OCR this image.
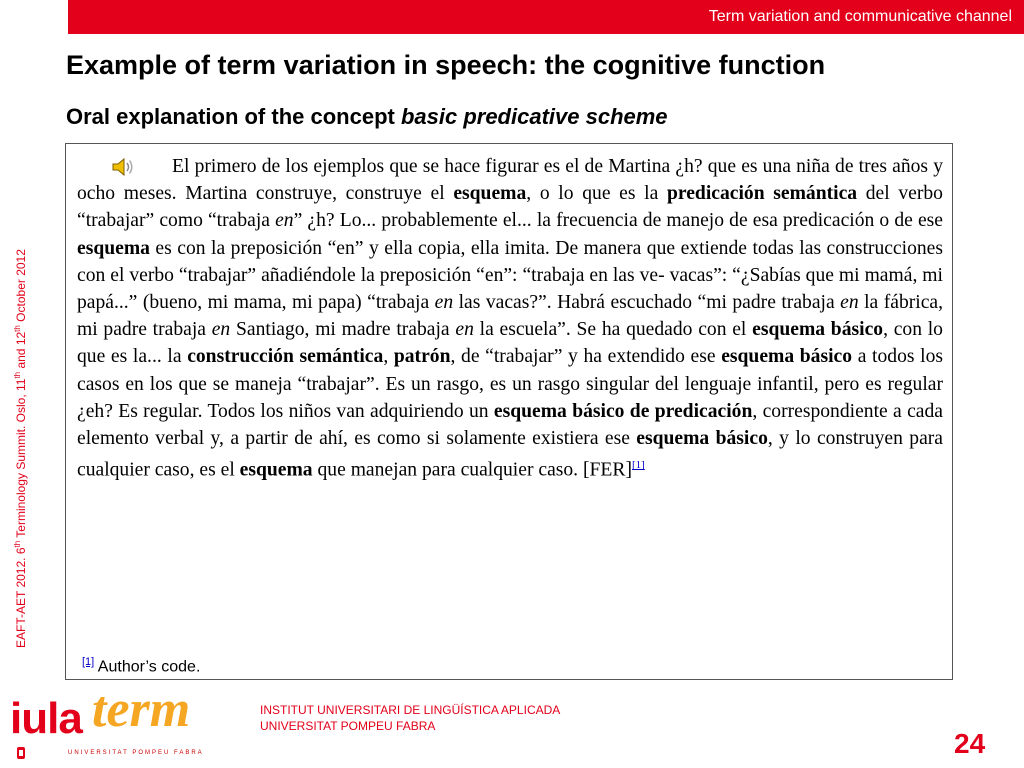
Term variation and communicative channel
EAFT-AET 2012. 6th Terminology Summit. Oslo, 11th and 12th October 2012
Example of term variation in speech: the cognitive function
Oral explanation of the concept basic predicative scheme

El primero de los ejemplos que se hace figurar es el de Martina ¿h? que es una niña de tres años y ocho meses. Martina construye, construye el esquema, o lo que es la predicación semántica del verbo “trabajar” como “trabaja en” ¿h? Lo... probablemente el... la frecuencia de manejo de esa predicación o de ese esquema es con la preposición “en” y ella copia, ella imita. De manera que extiende todas las construcciones con el verbo “trabajar” añadiéndole la preposición “en”: “trabaja en las ve- vacas”: “¿Sabías que mi mamá, mi papá...” (bueno, mi mama, mi papa) “trabaja en las vacas?”. Habrá escuchado “mi padre trabaja en la fábrica, mi padre trabaja en Santiago, mi madre trabaja en la escuela”. Se ha quedado con el esquema básico, con lo que es la... la construcción semántica, patrón, de “trabajar” y ha extendido ese esquema básico a todos los casos en los que se maneja “trabajar”. Es un rasgo, es un rasgo singular del lenguaje infantil, pero es regular ¿eh? Es regular. Todos los niños van adquiriendo un esquema básico de predicación, correspondiente a cada elemento verbal y, a partir de ahí, es como si solamente existiera ese esquema básico, y lo construyen para cualquier caso, es el esquema que manejan para cualquier caso. [FER][1]

[1] Author’s code.

iula term
UNIVERSITAT POMPEU FABRA
INSTITUT UNIVERSITARI DE LINGÜÍSTICA APLICADA
UNIVERSITAT POMPEU FABRA
24
